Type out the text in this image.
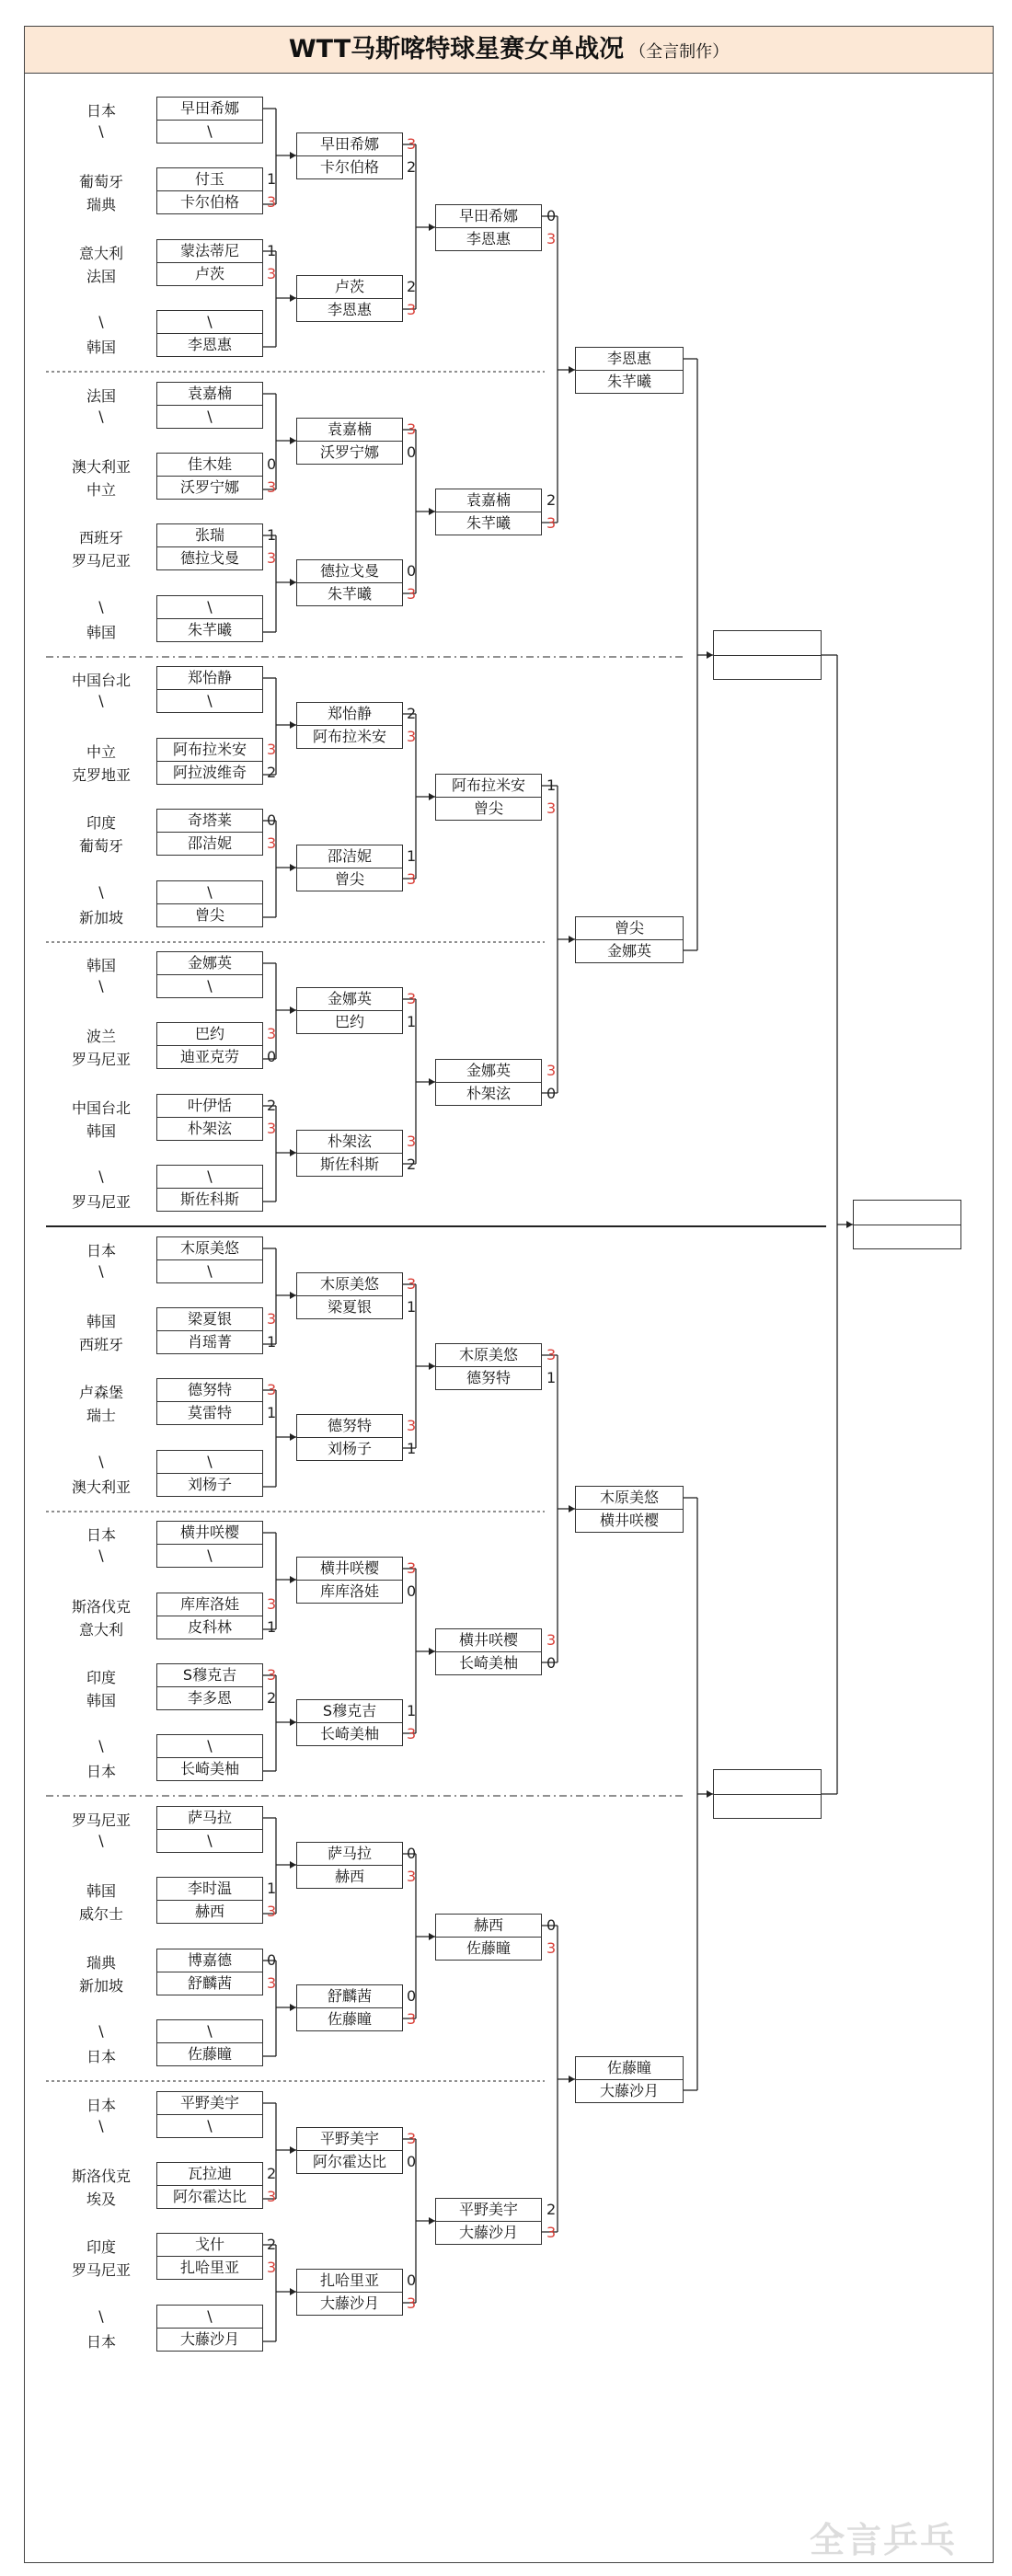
WTT马斯喀特球星赛女单战况 （全言制作）
早田希娜
\
日本
\
付玉
卡尔伯格
1
3
葡萄牙
瑞典
蒙法蒂尼
卢茨
1
3
意大利
法国
\
李恩惠
\
韩国
袁嘉楠
\
法国
\
佳木娃
沃罗宁娜
0
3
澳大利亚
中立
张瑞
德拉戈曼
1
3
西班牙
罗马尼亚
\
朱芊曦
\
韩国
郑怡静
\
中国台北
\
阿布拉米安
阿拉波维奇
3
2
中立
克罗地亚
奇塔莱
邵洁妮
0
3
印度
葡萄牙
\
曾尖
\
新加坡
金娜英
\
韩国
\
巴约
迪亚克劳
3
0
波兰
罗马尼亚
叶伊恬
朴架泫
2
3
中国台北
韩国
\
斯佐科斯
\
罗马尼亚
木原美悠
\
日本
\
梁夏银
肖瑶菁
3
1
韩国
西班牙
德努特
莫雷特
3
1
卢森堡
瑞士
\
刘杨子
\
澳大利亚
横井咲樱
\
日本
\
库库洛娃
皮科林
3
1
斯洛伐克
意大利
S穆克吉
李多恩
3
2
印度
韩国
\
长崎美柚
\
日本
萨马拉
\
罗马尼亚
\
李时温
赫西
1
3
韩国
威尔士
博嘉德
舒麟茜
0
3
瑞典
新加坡
\
佐藤瞳
\
日本
平野美宇
\
日本
\
瓦拉迪
阿尔霍达比
2
3
斯洛伐克
埃及
戈什
扎哈里亚
2
3
印度
罗马尼亚
\
大藤沙月
\
日本
早田希娜
卡尔伯格
3
2
卢茨
李恩惠
2
3
袁嘉楠
沃罗宁娜
3
0
德拉戈曼
朱芊曦
0
3
郑怡静
阿布拉米安
2
3
邵洁妮
曾尖
1
3
金娜英
巴约
3
1
朴架泫
斯佐科斯
3
2
木原美悠
梁夏银
3
1
德努特
刘杨子
3
1
横井咲樱
库库洛娃
3
0
S穆克吉
长崎美柚
1
3
萨马拉
赫西
0
3
舒麟茜
佐藤瞳
0
3
平野美宇
阿尔霍达比
3
0
扎哈里亚
大藤沙月
0
3
早田希娜
李恩惠
0
3
袁嘉楠
朱芊曦
2
3
阿布拉米安
曾尖
1
3
金娜英
朴架泫
3
0
木原美悠
德努特
3
1
横井咲樱
长崎美柚
3
0
赫西
佐藤瞳
0
3
平野美宇
大藤沙月
2
3
李恩惠
朱芊曦
曾尖
金娜英
木原美悠
横井咲樱
佐藤瞳
大藤沙月
全言乒乓
